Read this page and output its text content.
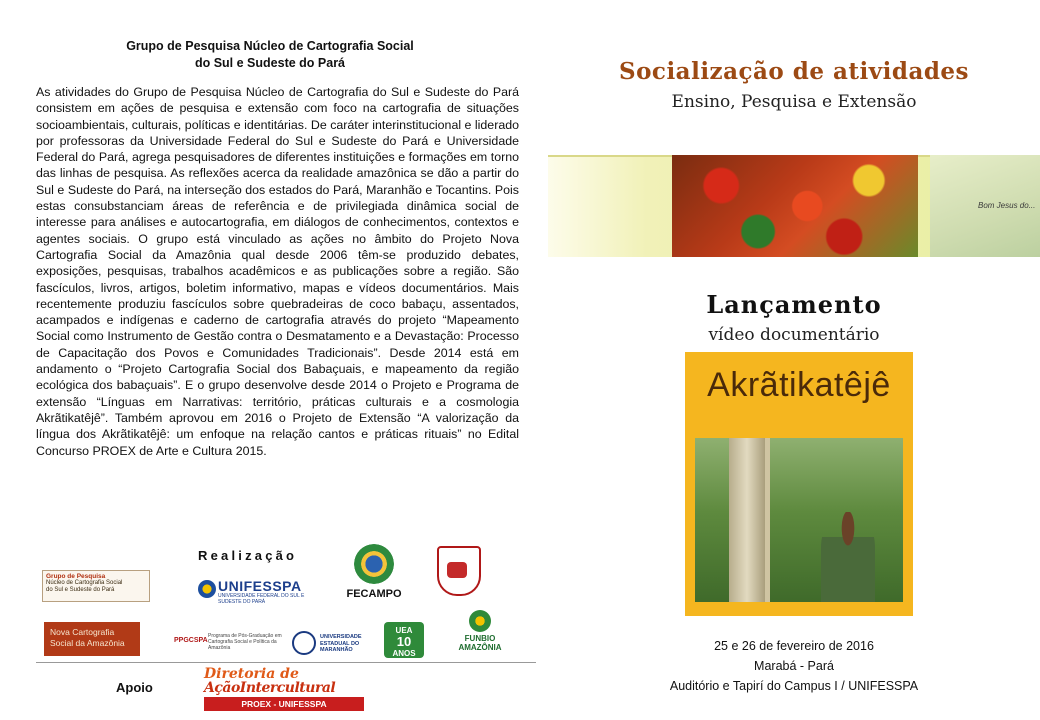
Grupo de Pesquisa Núcleo de Cartografia Social
do Sul e Sudeste do Pará
As atividades do Grupo de Pesquisa Núcleo de Cartografia do Sul e Sudeste do Pará consistem em ações de pesquisa e extensão com foco na cartografia de situações socioambientais, culturais, políticas e identitárias. De caráter interinstitucional e liderado por professoras da Universidade Federal do Sul e Sudeste do Pará e Universidade Federal do Pará, agrega pesquisadores de diferentes instituições e formações em torno das linhas de pesquisa. As reflexões acerca da realidade amazônica se dão a partir do Sul e Sudeste do Pará, na interseção dos estados do Pará, Maranhão e Tocantins. Pois estas consubstanciam áreas de referência e de privilegiada dinâmica social de interesse para análises e autocartografia, em diálogos de conhecimentos, contextos e agentes sociais. O grupo está vinculado as ações no âmbito do Projeto Nova Cartografia Social da Amazônia qual desde 2006 têm-se produzido debates, exposições, pesquisas, trabalhos acadêmicos e as publicações sobre a região. São fascículos, livros, artigos, boletim informativo, mapas e vídeos documentários. Mais recentemente produziu fascículos sobre quebradeiras de coco babaçu, assentados, acampados e indígenas e caderno de cartografia através do projeto “Mapeamento Social como Instrumento de Gestão contra o Desmatamento e a Devastação: Processo de Capacitação dos Povos e Comunidades Tradicionais”. Desde 2014 está em andamento o “Projeto Cartografia Social dos Babaçuais, e mapeamento da região ecológica dos babaçuais”. E o grupo desenvolve desde 2014 o Projeto e Programa de extensão “Línguas em Narrativas: território, práticas culturais e a cosmologia Akrãtikatêjê”. Também aprovou em 2016 o Projeto de Extensão “A valorização da língua dos Akrãtikatêjê: um enfoque na relação cantos e práticas rituais” no Edital Concurso PROEX de Arte e Cultura 2015.
Realização
Grupo de Pesquisa
Núcleo de Cartografia Social
do Sul e Sudeste do Pará	UNIFESSPA
UNIVERSIDADE FEDERAL DO SUL E SUDESTE DO PARÁ
FECAMPO
Nova Cartografia
Social da Amazônia	PPGCSPA
Programa de Pós-Graduação em Cartografia Social e Política da Amazônia
UNIVERSIDADE
ESTADUAL DO
MARANHÃO
UEA
10
ANOS
FUNBIO AMAZÔNIA
Apoio
Diretoria de
AçãoIntercultural
PROEX - UNIFESSPA
Socialização de atividades
Ensino, Pesquisa e Extensão
Bom Jesus do...
Lançamento
vídeo documentário
Akrãtikatêjê
25 e 26 de fevereiro de 2016
Marabá - Pará
Auditório e Tapirí do Campus I / UNIFESSPA
